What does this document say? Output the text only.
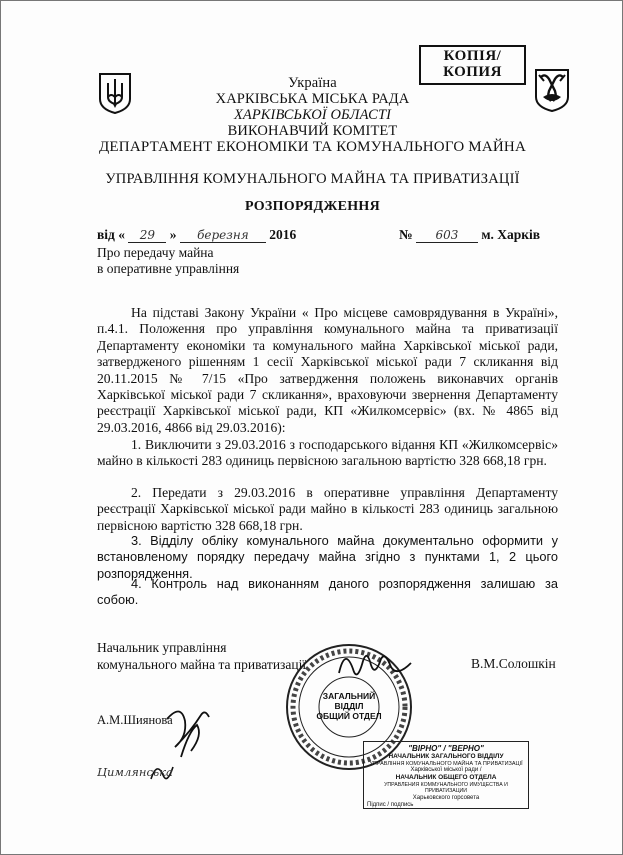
КОПІЯ/
КОПИЯ
Україна
ХАРКІВСЬКА МІСЬКА РАДА
ХАРКІВСЬКОЇ ОБЛАСТІ
ВИКОНАВЧИЙ КОМІТЕТ
ДЕПАРТАМЕНТ ЕКОНОМІКИ ТА КОМУНАЛЬНОГО МАЙНА
УПРАВЛІННЯ КОМУНАЛЬНОГО МАЙНА ТА ПРИВАТИЗАЦІЇ
РОЗПОРЯДЖЕННЯ
від « 29 » березня 2016	№ 603 м. Харків
Про передачу майна
в оперативне управління
На підставі Закону України « Про місцеве самоврядування в Україні», п.4.1. Положення про управління комунального майна та приватизації Департаменту економіки та комунального майна Харківської міської ради, затвердженого рішенням 1 сесії Харківської міської ради 7 скликання від 20.11.2015 № 7/15 «Про затвердження положень виконавчих органів Харківської міської ради 7 скликання», враховуючи звернення Департаменту реєстрації Харківської міської ради, КП «Жилкомсервіс» (вх. № 4865 від 29.03.2016, 4866 від 29.03.2016):
1. Виключити з 29.03.2016 з господарського відання КП «Жилкомсервіс» майно в кількості 283 одиниць первісною загальною вартістю 328 668,18 грн.
2. Передати з 29.03.2016 в оперативне управління Департаменту реєстрації Харківської міської ради майно в кількості 283 одиниць загальною первісною вартістю 328 668,18 грн.
3. Відділу обліку комунального майна документально оформити у встановленому порядку передачу майна згідно з пунктами 1, 2 цього розпорядження.
4. Контроль над виконанням даного розпорядження залишаю за собою.
ЗАГАЛЬНИЙ
ВІДДІЛ
ОБЩИЙ ОТДЕЛ
Начальник управління
комунального майна та приватизації	В.М.Солошкін
А.М.Шиянова
Цимлянська
"ВІРНО" / "ВЕРНО"
НАЧАЛЬНИК ЗАГАЛЬНОГО ВІДДІЛУ
УПРАВЛІННЯ КОМУНАЛЬНОГО МАЙНА ТА ПРИВАТИЗАЦІЇ
Харківської міської ради /
НАЧАЛЬНИК ОБЩЕГО ОТДЕЛА
УПРАВЛЕНИЯ КОММУНАЛЬНОГО ИМУЩЕСТВА И ПРИВАТИЗАЦИИ
Харьковского горсовета
Підпис / подпись
